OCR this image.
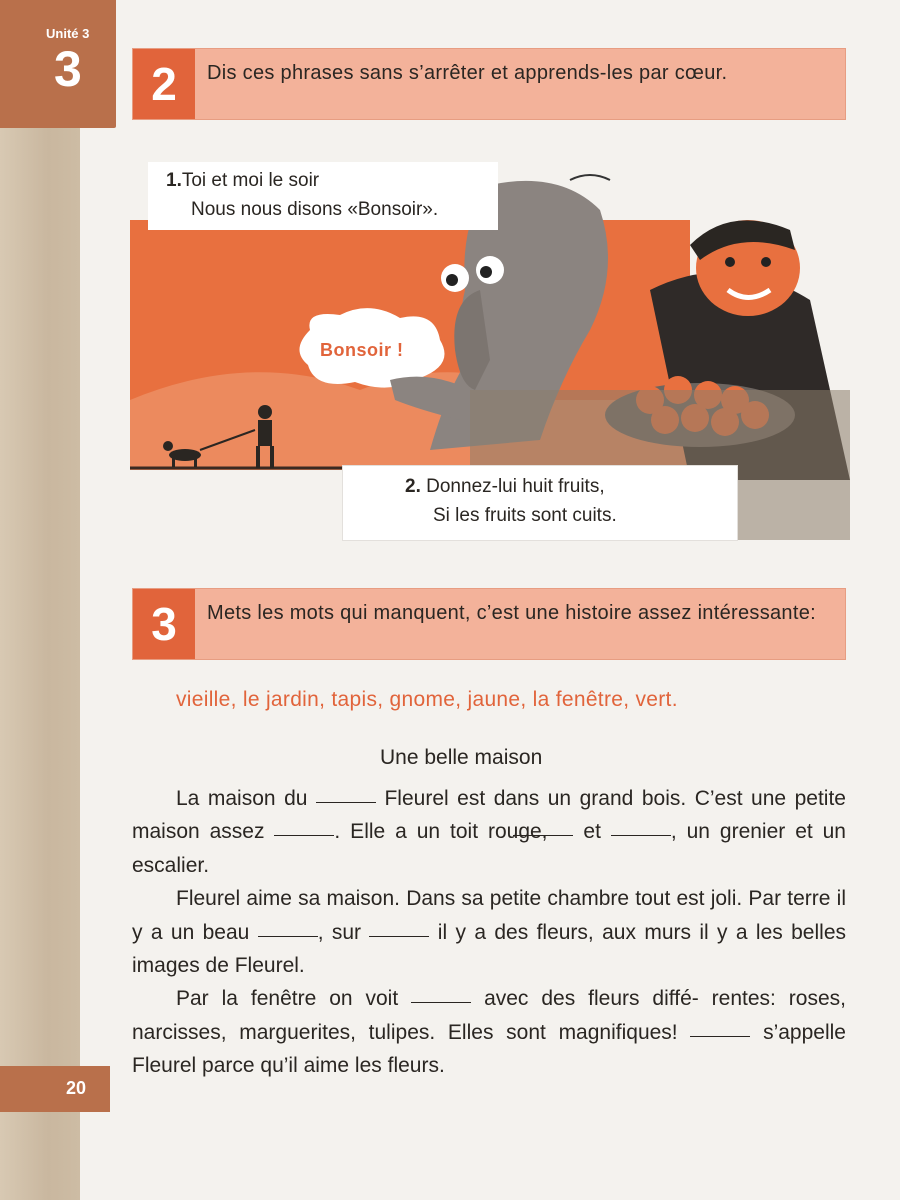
Unité 3
3	2	Dis ces phrases sans s’arrêter et apprends-les par cœur.
1.Toi et moi le soir
Nous nous disons «Bonsoir».
Bonsoir !
2. Donnez-lui huit fruits,
Si les fruits sont cuits.
3	Mets les mots qui manquent, c’est une histoire assez intéressante:
vieille, le jardin, tapis, gnome, jaune, la fenêtre, vert.
Une belle maison

La maison du	Fleurel est dans un grand bois. C’est une petite maison assez	. Elle a un toit rouge, et	, un grenier et un escalier.

Fleurel aime sa maison. Dans sa petite chambre tout est joli. Par terre il y a un beau	, sur	il y a des fleurs, aux murs il y a les belles images de Fleurel.

Par la fenêtre on voit	avec des fleurs diffé- rentes: roses, narcisses, marguerites, tulipes. Elles sont magnifiques!	s’appelle Fleurel parce qu’il aime les fleurs.

20
